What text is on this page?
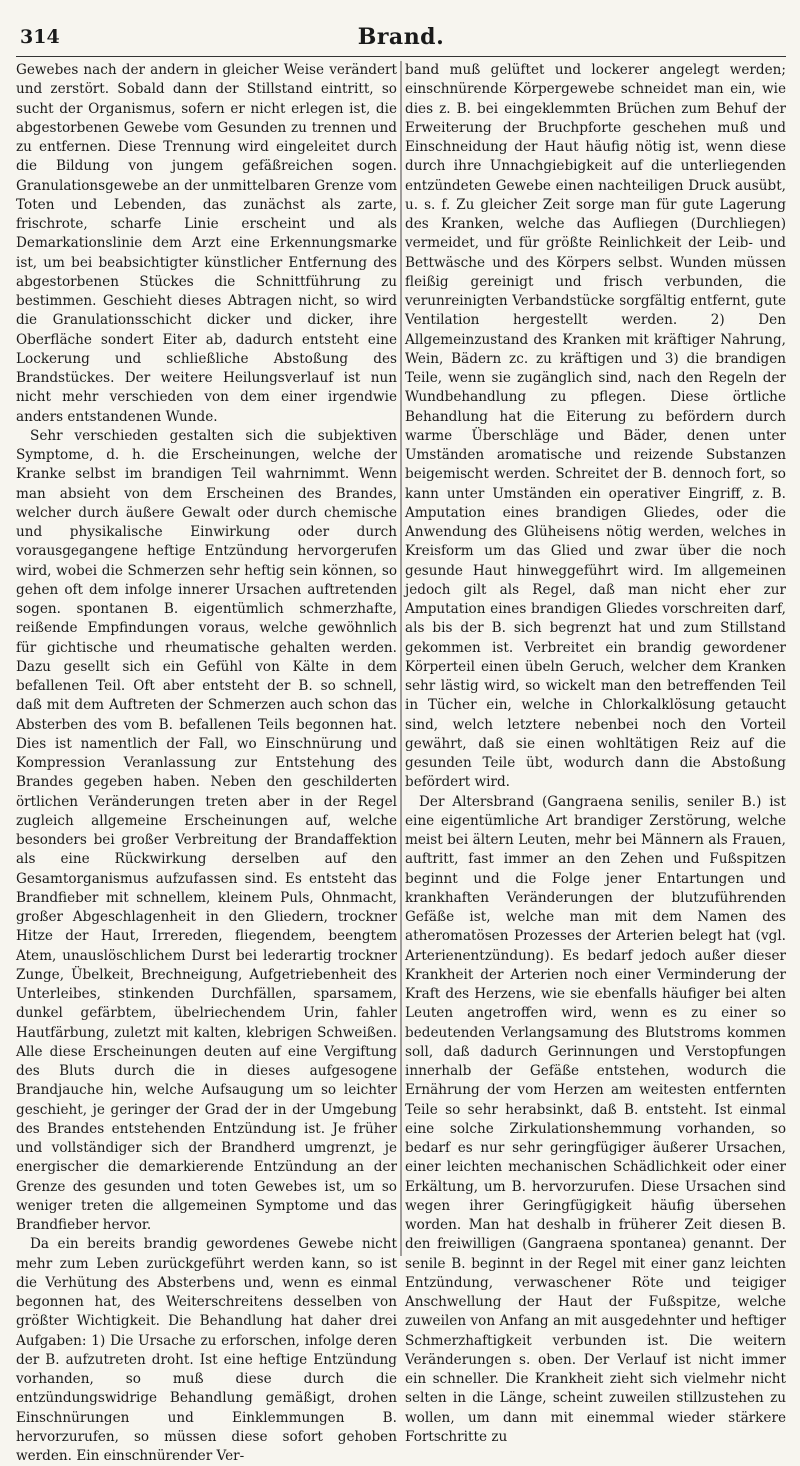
314	Brand.

Gewebes nach der andern in gleicher Weise verändert und zerstört. Sobald dann der Stillstand eintritt, so sucht der Organismus, sofern er nicht erlegen ist, die abgestorbenen Gewebe vom Gesunden zu trennen und zu entfernen. Diese Trennung wird eingeleitet durch die Bildung von jungem gefäßreichen sogen. Granulationsgewebe an der unmittelbaren Grenze vom Toten und Lebenden, das zunächst als zarte, frischrote, scharfe Linie erscheint und als Demarkationslinie dem Arzt eine Erkennungsmarke ist, um bei beabsichtigter künstlicher Entfernung des abgestorbenen Stückes die Schnittführung zu bestimmen. Geschieht dieses Abtragen nicht, so wird die Granulationsschicht dicker und dicker, ihre Oberfläche sondert Eiter ab, dadurch entsteht eine Lockerung und schließliche Abstoßung des Brandstückes. Der weitere Heilungsverlauf ist nun nicht mehr verschieden von dem einer irgendwie anders entstandenen Wunde.

Sehr verschieden gestalten sich die subjektiven Symptome, d. h. die Erscheinungen, welche der Kranke selbst im brandigen Teil wahrnimmt. Wenn man absieht von dem Erscheinen des Brandes, welcher durch äußere Gewalt oder durch chemische und physikalische Einwirkung oder durch vorausgegangene heftige Entzündung hervorgerufen wird, wobei die Schmerzen sehr heftig sein können, so gehen oft dem infolge innerer Ursachen auftretenden sogen. spontanen B. eigentümlich schmerzhafte, reißende Empfindungen voraus, welche gewöhnlich für gichtische und rheumatische gehalten werden. Dazu gesellt sich ein Gefühl von Kälte in dem befallenen Teil. Oft aber entsteht der B. so schnell, daß mit dem Auftreten der Schmerzen auch schon das Absterben des vom B. befallenen Teils begonnen hat. Dies ist namentlich der Fall, wo Einschnürung und Kompression Veranlassung zur Entstehung des Brandes gegeben haben. Neben den geschilderten örtlichen Veränderungen treten aber in der Regel zugleich allgemeine Erscheinungen auf, welche besonders bei großer Verbreitung der Brandaffektion als eine Rückwirkung derselben auf den Gesamtorganismus aufzufassen sind. Es entsteht das Brandfieber mit schnellem, kleinem Puls, Ohnmacht, großer Abgeschlagenheit in den Gliedern, trockner Hitze der Haut, Irrereden, fliegendem, beengtem Atem, unauslöschlichem Durst bei lederartig trockner Zunge, Übelkeit, Brechneigung, Aufgetriebenheit des Unterleibes, stinkenden Durchfällen, sparsamem, dunkel gefärbtem, übelriechendem Urin, fahler Hautfärbung, zuletzt mit kalten, klebrigen Schweißen. Alle diese Erscheinungen deuten auf eine Vergiftung des Bluts durch die in dieses aufgesogene Brandjauche hin, welche Aufsaugung um so leichter geschieht, je geringer der Grad der in der Umgebung des Brandes entstehenden Entzündung ist. Je früher und vollständiger sich der Brandherd umgrenzt, je energischer die demarkierende Entzündung an der Grenze des gesunden und toten Gewebes ist, um so weniger treten die allgemeinen Symptome und das Brandfieber hervor.

Da ein bereits brandig gewordenes Gewebe nicht mehr zum Leben zurückgeführt werden kann, so ist die Verhütung des Absterbens und, wenn es einmal begonnen hat, des Weiterschreitens desselben von größter Wichtigkeit. Die Behandlung hat daher drei Aufgaben: 1) Die Ursache zu erforschen, infolge deren der B. aufzutreten droht. Ist eine heftige Entzündung vorhanden, so muß diese durch die entzündungswidrige Behandlung gemäßigt, drohen Einschnürungen und Einklemmungen B. hervorzurufen, so müssen diese sofort gehoben werden. Ein einschnürender Ver-

band muß gelüftet und lockerer angelegt werden; einschnürende Körpergewebe schneidet man ein, wie dies z. B. bei eingeklemmten Brüchen zum Behuf der Erweiterung der Bruchpforte geschehen muß und Einschneidung der Haut häufig nötig ist, wenn diese durch ihre Unnachgiebigkeit auf die unterliegenden entzündeten Gewebe einen nachteiligen Druck ausübt, u. s. f. Zu gleicher Zeit sorge man für gute Lagerung des Kranken, welche das Aufliegen (Durchliegen) vermeidet, und für größte Reinlichkeit der Leib- und Bettwäsche und des Körpers selbst. Wunden müssen fleißig gereinigt und frisch verbunden, die verunreinigten Verbandstücke sorgfältig entfernt, gute Ventilation hergestellt werden. 2) Den Allgemeinzustand des Kranken mit kräftiger Nahrung, Wein, Bädern zc. zu kräftigen und 3) die brandigen Teile, wenn sie zugänglich sind, nach den Regeln der Wundbehandlung zu pflegen. Diese örtliche Behandlung hat die Eiterung zu befördern durch warme Überschläge und Bäder, denen unter Umständen aromatische und reizende Substanzen beigemischt werden. Schreitet der B. dennoch fort, so kann unter Umständen ein operativer Eingriff, z. B. Amputation eines brandigen Gliedes, oder die Anwendung des Glüheisens nötig werden, welches in Kreisform um das Glied und zwar über die noch gesunde Haut hinweggeführt wird. Im allgemeinen jedoch gilt als Regel, daß man nicht eher zur Amputation eines brandigen Gliedes vorschreiten darf, als bis der B. sich begrenzt hat und zum Stillstand gekommen ist. Verbreitet ein brandig gewordener Körperteil einen übeln Geruch, welcher dem Kranken sehr lästig wird, so wickelt man den betreffenden Teil in Tücher ein, welche in Chlorkalklösung getaucht sind, welch letztere nebenbei noch den Vorteil gewährt, daß sie einen wohltätigen Reiz auf die gesunden Teile übt, wodurch dann die Abstoßung befördert wird.

Der Altersbrand (Gangraena senilis, seniler B.) ist eine eigentümliche Art brandiger Zerstörung, welche meist bei ältern Leuten, mehr bei Männern als Frauen, auftritt, fast immer an den Zehen und Fußspitzen beginnt und die Folge jener Entartungen und krankhaften Veränderungen der blutzuführenden Gefäße ist, welche man mit dem Namen des atheromatösen Prozesses der Arterien belegt hat (vgl. Arterienentzündung). Es bedarf jedoch außer dieser Krankheit der Arterien noch einer Verminderung der Kraft des Herzens, wie sie ebenfalls häufiger bei alten Leuten angetroffen wird, wenn es zu einer so bedeutenden Verlangsamung des Blutstroms kommen soll, daß dadurch Gerinnungen und Verstopfungen innerhalb der Gefäße entstehen, wodurch die Ernährung der vom Herzen am weitesten entfernten Teile so sehr herabsinkt, daß B. entsteht. Ist einmal eine solche Zirkulationshemmung vorhanden, so bedarf es nur sehr geringfügiger äußerer Ursachen, einer leichten mechanischen Schädlichkeit oder einer Erkältung, um B. hervorzurufen. Diese Ursachen sind wegen ihrer Geringfügigkeit häufig übersehen worden. Man hat deshalb in früherer Zeit diesen B. den freiwilligen (Gangraena spontanea) genannt. Der senile B. beginnt in der Regel mit einer ganz leichten Entzündung, verwaschener Röte und teigiger Anschwellung der Haut der Fußspitze, welche zuweilen von Anfang an mit ausgedehnter und heftiger Schmerzhaftigkeit verbunden ist. Die weitern Veränderungen s. oben. Der Verlauf ist nicht immer ein schneller. Die Krankheit zieht sich vielmehr nicht selten in die Länge, scheint zuweilen stillzustehen zu wollen, um dann mit einemmal wieder stärkere Fortschritte zu
